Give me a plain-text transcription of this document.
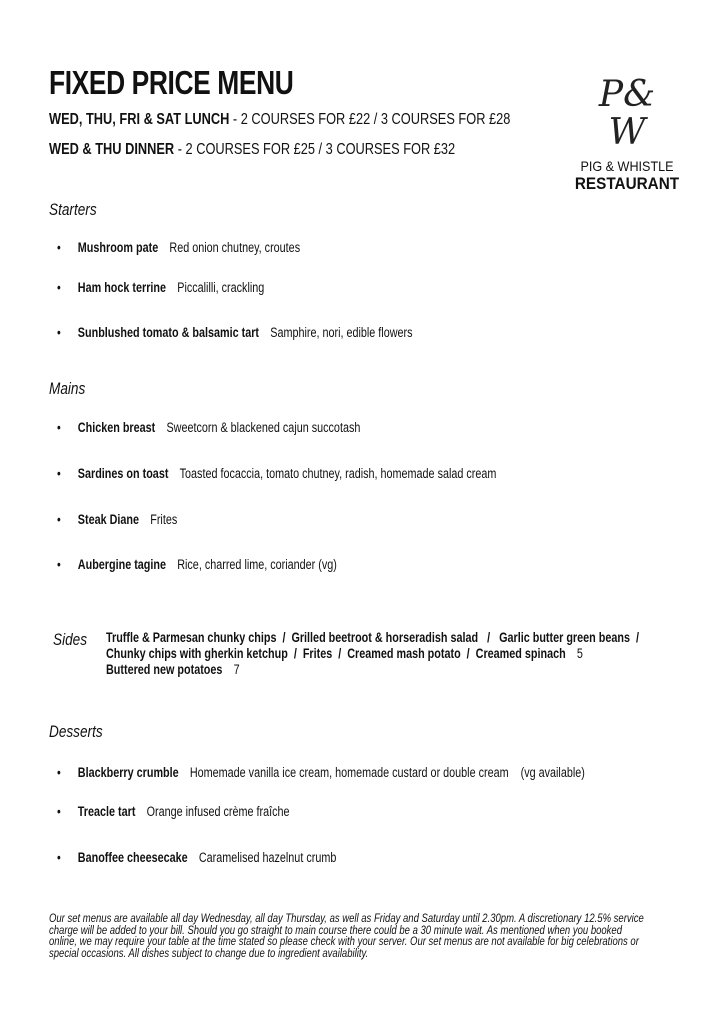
FIXED PRICE MENU
WED, THU, FRI & SAT LUNCH - 2 COURSES FOR £22 / 3 COURSES FOR £28
WED & THU DINNER - 2 COURSES FOR £25 / 3 COURSES FOR £32
P&
W
PIG & WHISTLE
RESTAURANT
Starters
• Mushroom pate Red onion chutney, croutes
• Ham hock terrine Piccalilli, crackling
• Sunblushed tomato & balsamic tart Samphire, nori, edible flowers
Mains
• Chicken breast Sweetcorn & blackened cajun succotash
• Sardines on toast Toasted focaccia, tomato chutney, radish, homemade salad cream
• Steak Diane Frites
• Aubergine tagine Rice, charred lime, coriander (vg)
Sides Truffle & Parmesan chunky chips  /  Grilled beetroot & horseradish salad   /   Garlic butter green beans  /
Chunky chips with gherkin ketchup  /  Frites  /  Creamed mash potato  /  Creamed spinach 5
Buttered new potatoes 7
Desserts
• Blackberry crumble Homemade vanilla ice cream, homemade custard or double cream    (vg available)
• Treacle tart Orange infused crème fraîche
• Banoffee cheesecake Caramelised hazelnut crumb
Our set menus are available all day Wednesday, all day Thursday, as well as Friday and Saturday until 2.30pm. A discretionary 12.5% service
charge will be added to your bill. Should you go straight to main course there could be a 30 minute wait. As mentioned when you booked
online, we may require your table at the time stated so please check with your server. Our set menus are not available for big celebrations or
special occasions. All dishes subject to change due to ingredient availability.
